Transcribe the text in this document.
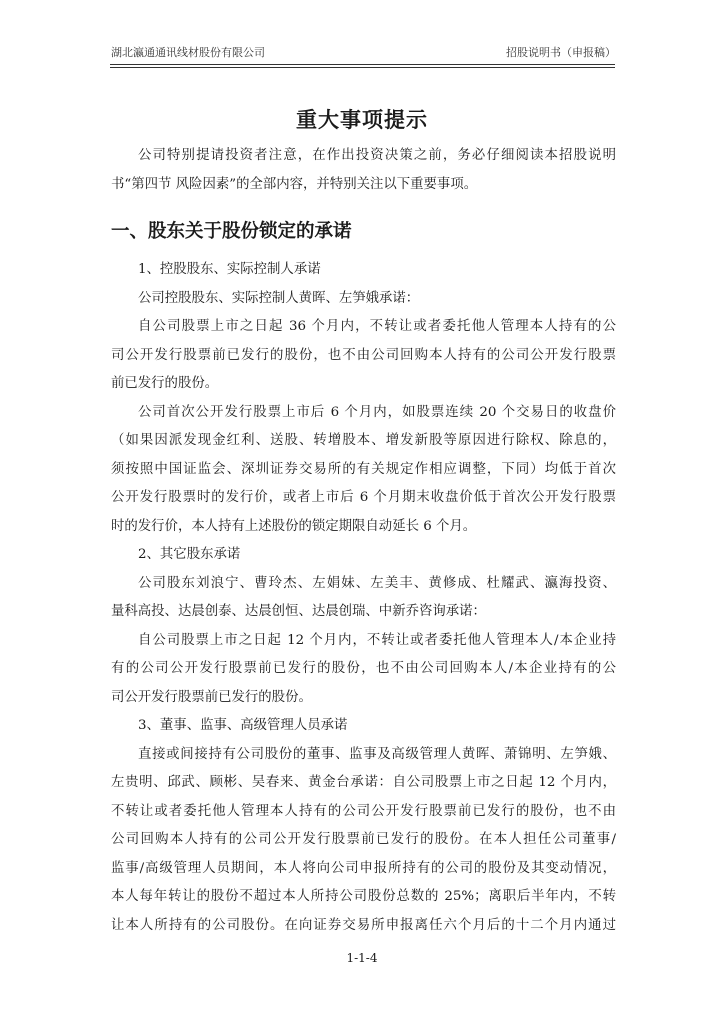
湖北瀛通通讯线材股份有限公司	招股说明书（申报稿）
重大事项提示
公司特别提请投资者注意，在作出投资决策之前，务必仔细阅读本招股说明
书“第四节 风险因素”的全部内容，并特别关注以下重要事项。
一、股东关于股份锁定的承诺
1、控股股东、实际控制人承诺
公司控股股东、实际控制人黄晖、左笋娥承诺：
自公司股票上市之日起 36 个月内，不转让或者委托他人管理本人持有的公
司公开发行股票前已发行的股份，也不由公司回购本人持有的公司公开发行股票
前已发行的股份。
公司首次公开发行股票上市后 6 个月内，如股票连续 20 个交易日的收盘价
（如果因派发现金红利、送股、转增股本、增发新股等原因进行除权、除息的，
须按照中国证监会、深圳证券交易所的有关规定作相应调整，下同）均低于首次
公开发行股票时的发行价，或者上市后 6 个月期末收盘价低于首次公开发行股票
时的发行价，本人持有上述股份的锁定期限自动延长 6 个月。
2、其它股东承诺
公司股东刘浪宁、曹玲杰、左娟妹、左美丰、黄修成、杜耀武、瀛海投资、
量科高投、达晨创泰、达晨创恒、达晨创瑞、中新乔咨询承诺：
自公司股票上市之日起 12 个月内，不转让或者委托他人管理本人/本企业持
有的公司公开发行股票前已发行的股份，也不由公司回购本人/本企业持有的公
司公开发行股票前已发行的股份。
3、董事、监事、高级管理人员承诺
直接或间接持有公司股份的董事、监事及高级管理人黄晖、萧锦明、左笋娥、
左贵明、邱武、顾彬、吴春来、黄金台承诺：自公司股票上市之日起 12 个月内，
不转让或者委托他人管理本人持有的公司公开发行股票前已发行的股份，也不由
公司回购本人持有的公司公开发行股票前已发行的股份。在本人担任公司董事/
监事/高级管理人员期间，本人将向公司申报所持有的公司的股份及其变动情况，
本人每年转让的股份不超过本人所持公司股份总数的 25%；离职后半年内，不转
让本人所持有的公司股份。在向证券交易所申报离任六个月后的十二个月内通过
1-1-4
